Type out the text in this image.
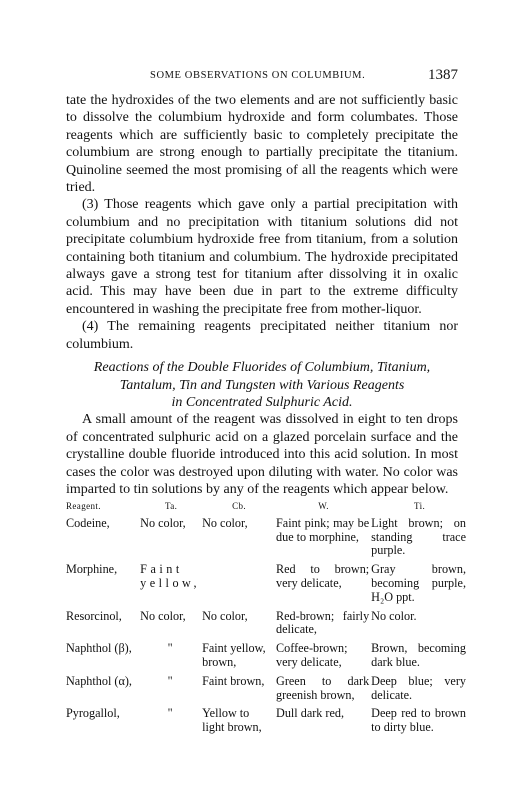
SOME OBSERVATIONS ON COLUMBIUM.	1387

tate the hydroxides of the two elements and are not sufficiently basic to dissolve the columbium hydroxide and form columbates. Those reagents which are sufficiently basic to completely precipitate the columbium are strong enough to partially precipitate the titanium. Quinoline seemed the most promising of all the reagents which were tried.

(3) Those reagents which gave only a partial precipitation with columbium and no precipitation with titanium solutions did not precipitate columbium hydroxide free from titanium, from a solution containing both titanium and columbium. The hydroxide precipitated always gave a strong test for titanium after dissolving it in oxalic acid. This may have been due in part to the extreme difficulty encountered in washing the precipitate free from mother-liquor.

(4) The remaining reagents precipitated neither titanium nor columbium.

Reactions of the Double Fluorides of Columbium, Titanium,
Tantalum, Tin and Tungsten with Various Reagents
in Concentrated Sulphuric Acid.

A small amount of the reagent was dissolved in eight to ten drops of concentrated sulphuric acid on a glazed porcelain surface and the crystalline double fluoride introduced into this acid solution. In most cases the color was destroyed upon diluting with water. No color was imparted to tin solutions by any of the reagents which appear below.

Reagent.	Ta.	Cb.	W.	Ti.
Codeine,	No color,	No color,	Faint pink; may be due to morphine,	Light brown; on standing trace purple.
Morphine,	Faint yellow,		Red to brown; very delicate,	Gray brown, becoming purple, H₂O ppt.
Resorcinol,	No color,	No color,	Red-brown; fairly delicate,	No color.
Naphthol (β),	"	Faint yellow, brown,	Coffee-brown; very delicate,	Brown, becoming dark blue.
Naphthol (α),	"	Faint brown,	Green to dark greenish brown,	Deep blue; very delicate.
Pyrogallol,	"	Yellow to light brown,	Dull dark red,	Deep red to brown to dirty blue.
